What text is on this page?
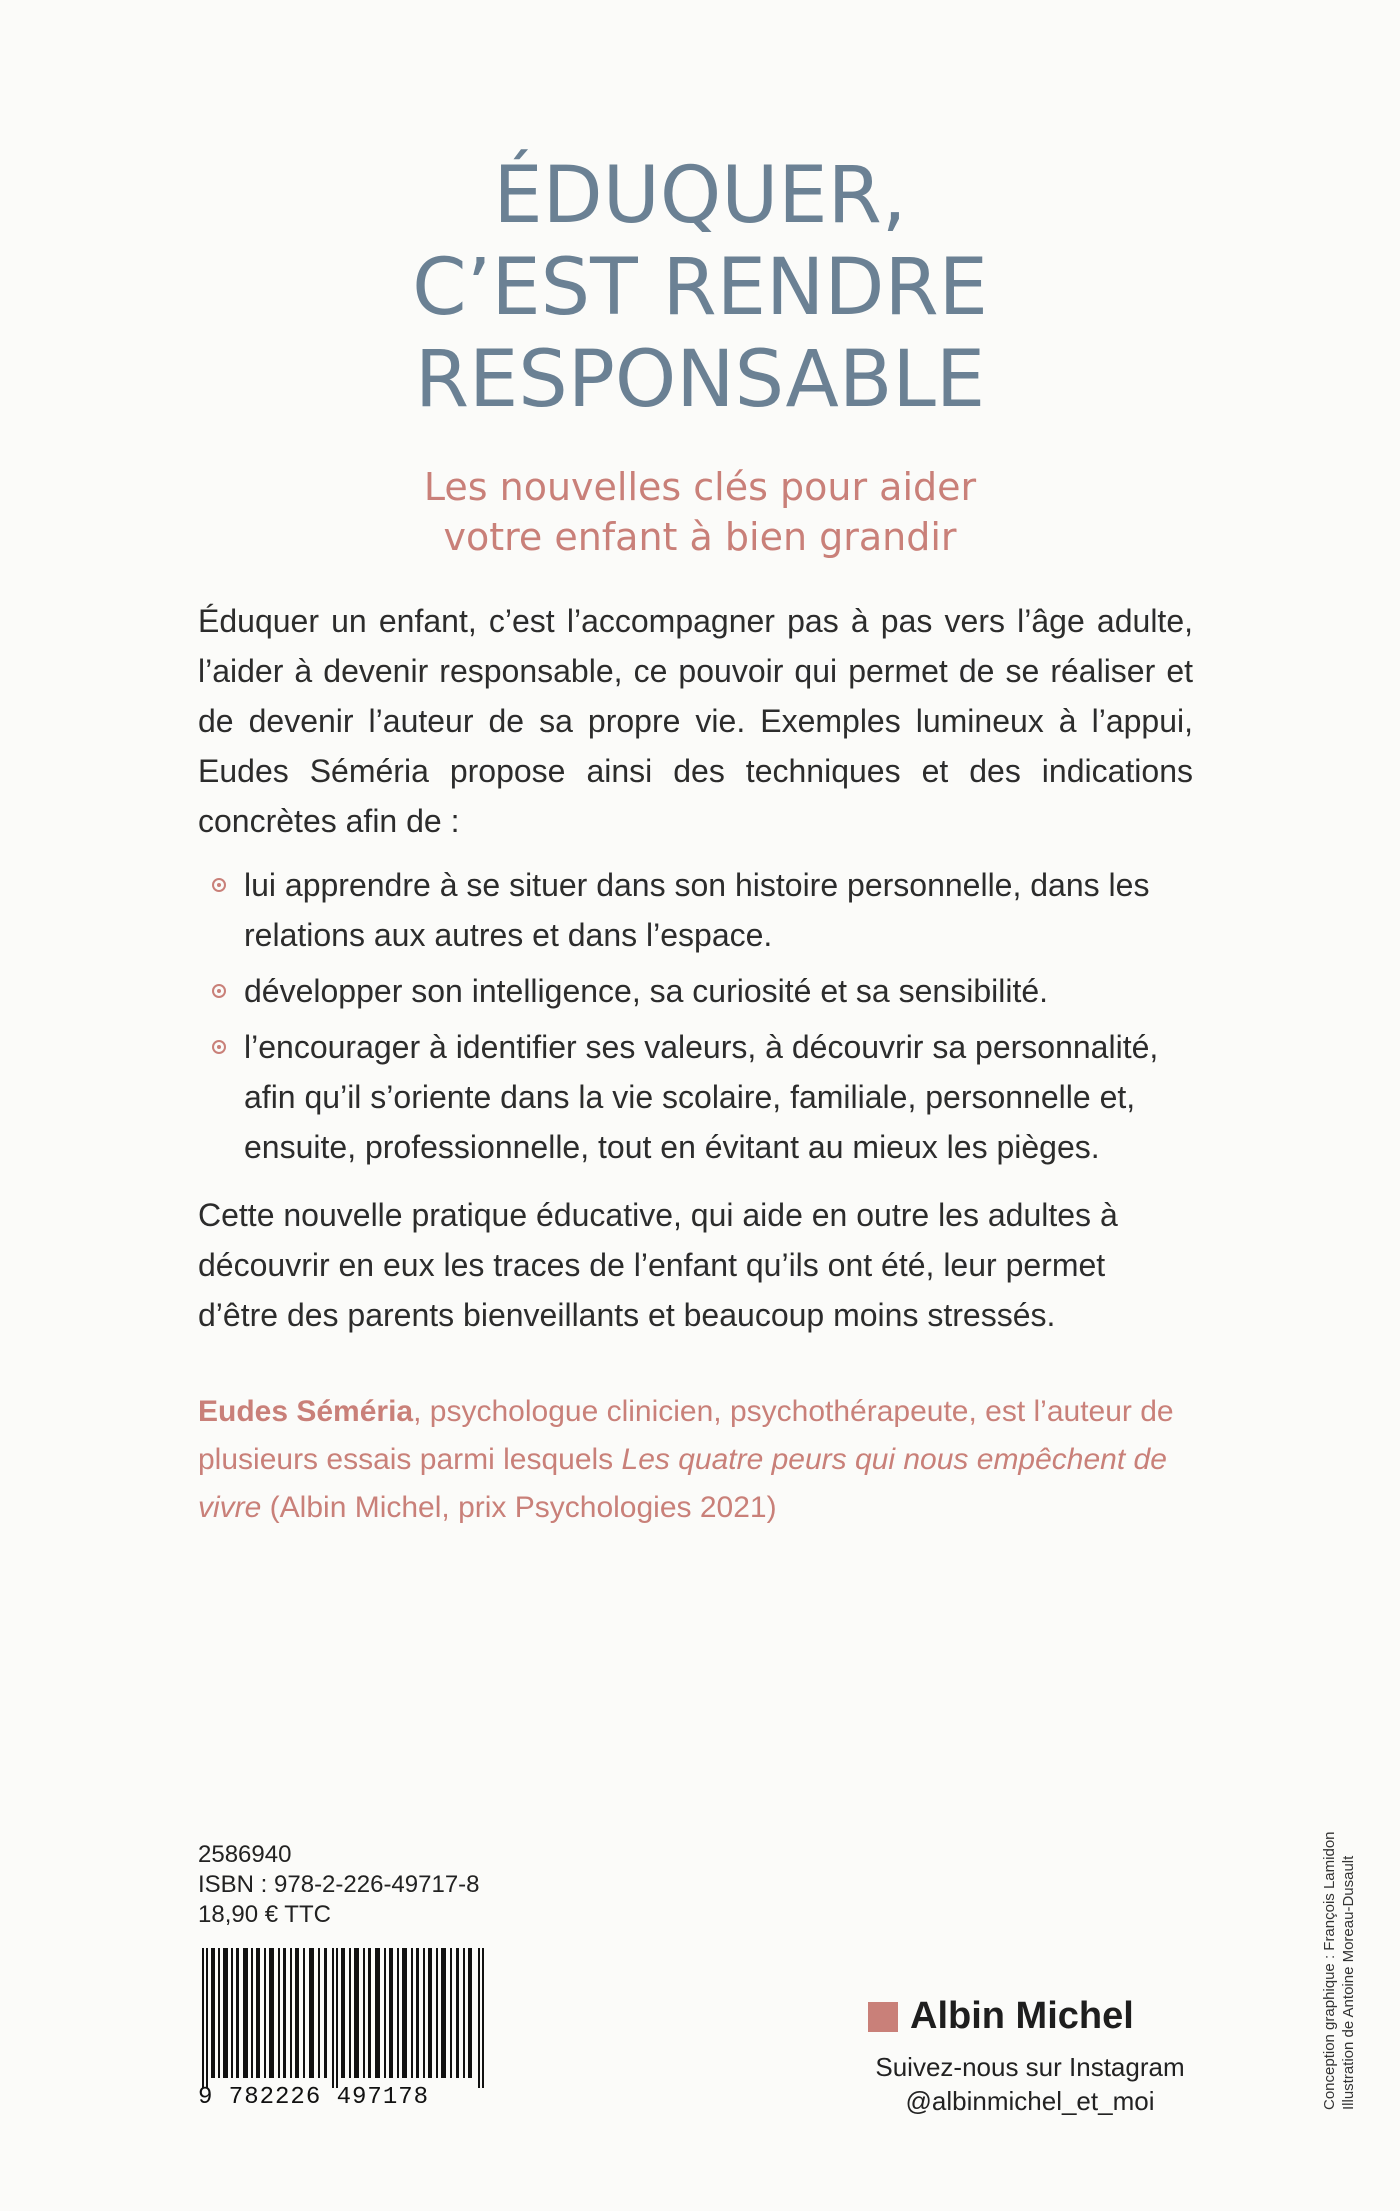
ÉDUQUER,
C’EST RENDRE
RESPONSABLE
Les nouvelles clés pour aider
votre enfant à bien grandir
Éduquer un enfant, c’est l’accompagner pas à pas vers l’âge adulte, l’aider à devenir responsable, ce pouvoir qui permet de se réaliser et de devenir l’auteur de sa propre vie. Exemples lumineux à l’appui, Eudes Séméria propose ainsi des techniques et des indications concrètes afin de :
lui apprendre à se situer dans son histoire personnelle, dans les relations aux autres et dans l’espace.
développer son intelligence, sa curiosité et sa sensibilité.
l’encourager à identifier ses valeurs, à découvrir sa personnalité, afin qu’il s’oriente dans la vie scolaire, familiale, personnelle et, ensuite, professionnelle, tout en évitant au mieux les pièges.
Cette nouvelle pratique éducative, qui aide en outre les adultes à découvrir en eux les traces de l’enfant qu’ils ont été, leur permet d’être des parents bienveillants et beaucoup moins stressés.
Eudes Séméria, psychologue clinicien, psychothérapeute, est l’auteur de plusieurs essais parmi lesquels Les quatre peurs qui nous empêchent de vivre (Albin Michel, prix Psychologies 2021)
2586940
ISBN : 978-2-226-49717-8
18,90 € TTC
9 782226 497178
Albin Michel
Suivez-nous sur Instagram
@albinmichel_et_moi	Conception graphique : François Lamidon Illustration de Antoine Moreau-Dusault
